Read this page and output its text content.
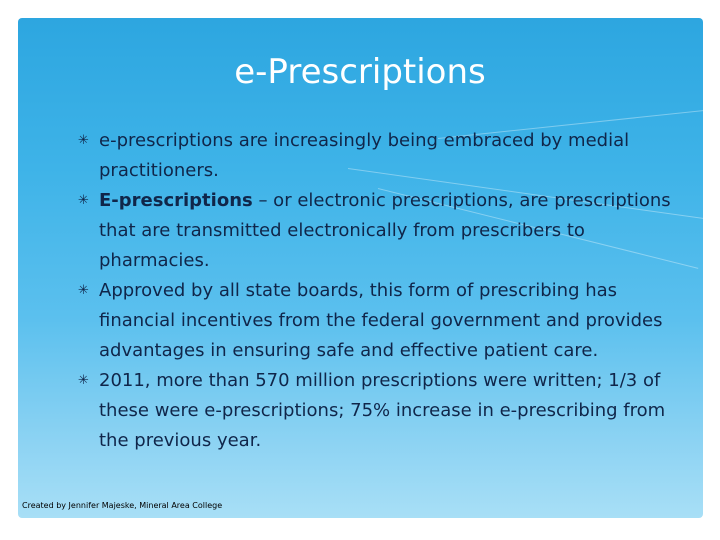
e-Prescriptions
✳ e-prescriptions are increasingly being embraced by medial practitioners.
✳ E-prescriptions – or electronic prescriptions, are prescriptions that are transmitted electronically from prescribers to pharmacies.
✳ Approved by all state boards, this form of prescribing has financial incentives from the federal government and provides advantages in ensuring safe and effective patient care.
✳ 2011, more than 570 million prescriptions were written; 1/3 of these were e-prescriptions; 75% increase in e-prescribing from the previous year.
Created by Jennifer Majeske, Mineral Area College
